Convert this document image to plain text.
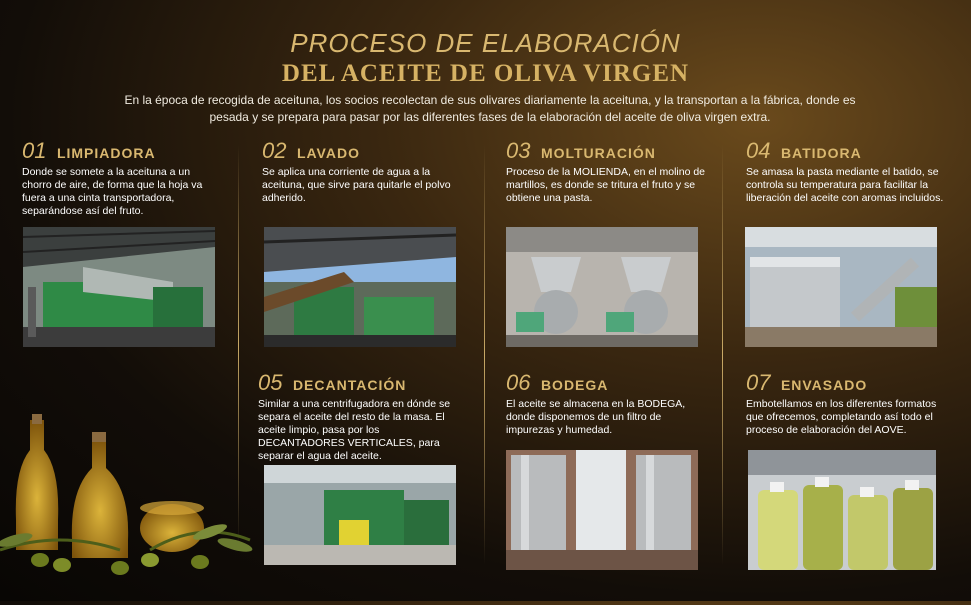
PROCESO DE ELABORACIÓN
DEL ACEITE DE OLIVA VIRGEN
En la época de recogida de aceituna, los socios recolectan de sus olivares diariamente la aceituna, y la transportan a la fábrica, donde es pesada y se prepara para pasar por las diferentes fases de la elaboración del aceite de oliva virgen extra.
01 LIMPIADORA
Donde se somete a la aceituna a un chorro de aire, de forma que la hoja va fuera a una cinta transportadora, separándose así del fruto.
02 LAVADO
Se aplica una corriente de agua a la aceituna, que sirve para quitarle el polvo adherido.
03 MOLTURACIÓN
Proceso de la MOLIENDA, en el molino de martillos, es donde se tritura el fruto y se obtiene una pasta.
04 BATIDORA
Se amasa la pasta mediante el batido, se controla su temperatura para facilitar la liberación del aceite con aromas incluidos.
05 DECANTACIÓN
Similar a una centrifugadora en dónde se separa el aceite del resto de la masa. El aceite limpio, pasa por los DECANTADORES VERTICALES, para separar el agua del aceite.
06 BODEGA
El aceite se almacena en la BODEGA, donde disponemos de un filtro de impurezas y humedad.
07 ENVASADO
Embotellamos en los diferentes formatos que ofrecemos, completando así todo el proceso de elaboración del AOVE.
